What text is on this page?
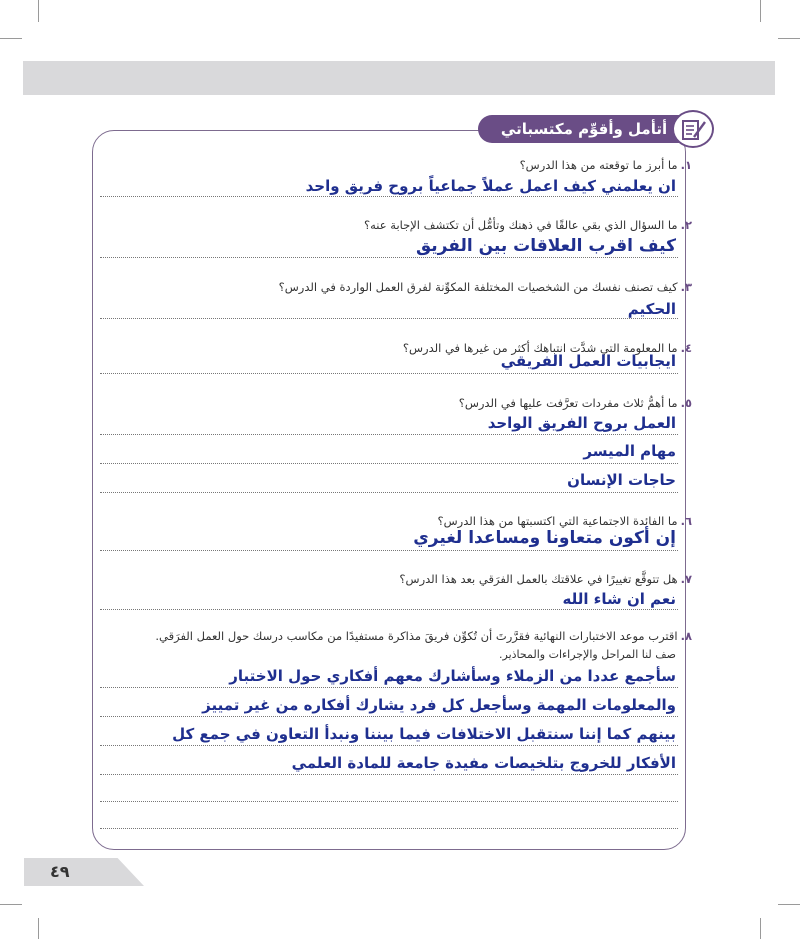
أتأمل وأقوِّم مكتسباتي
١.ما أبرز ما توقعته من هذا الدرس؟
ان يعلمني كيف اعمل عملاً جماعياً بروح فريق واحد
٢.ما السؤال الذي بقي عالقًا في ذهنك وتأمُّل أن تكتشف الإجابة عنه؟
كيف اقرب العلاقات بين الفريق
٣.كيف تصنف نفسك من الشخصيات المختلفة المكوِّنة لفرق العمل الواردة في الدرس؟
الحكيم
٤.ما المعلومة التي شدَّت انتباهك أكثر من غيرها في الدرس؟
ايجابيات العمل الفريقي
٥.ما أهمُّ ثلاث مفردات تعرَّفت عليها في الدرس؟
العمل بروح الفريق الواحد
مهام الميسر
حاجات الإنسان
٦.ما الفائدة الاجتماعية التي اكتسبتها من هذا الدرس؟
إن أكون متعاونا ومساعدا لغيري
٧.هل تتوقَّع تغييرًا في علاقتك بالعمل الفرَقي بعد هذا الدرس؟
نعم ان شاء الله
٨.اقترب موعد الاختبارات النهائية فقرَّرتَ أن تُكوِّن فريقَ مذاكرة مستفيدًا من مكاسب درسك حول العمل الفرَقي.
صف لنا المراحل والإجراءات والمحاذير.
سأجمع عددا من الزملاء وسأشارك معهم أفكاري حول الاختبار
والمعلومات المهمة وسأجعل كل فرد يشارك أفكاره من غير تمييز
بينهم كما إننا سنتقبل الاختلافات فيما بيننا ونبدأ التعاون في جمع كل
الأفكار للخروج بتلخيصات مفيدة جامعة للمادة العلمي
٤٩
